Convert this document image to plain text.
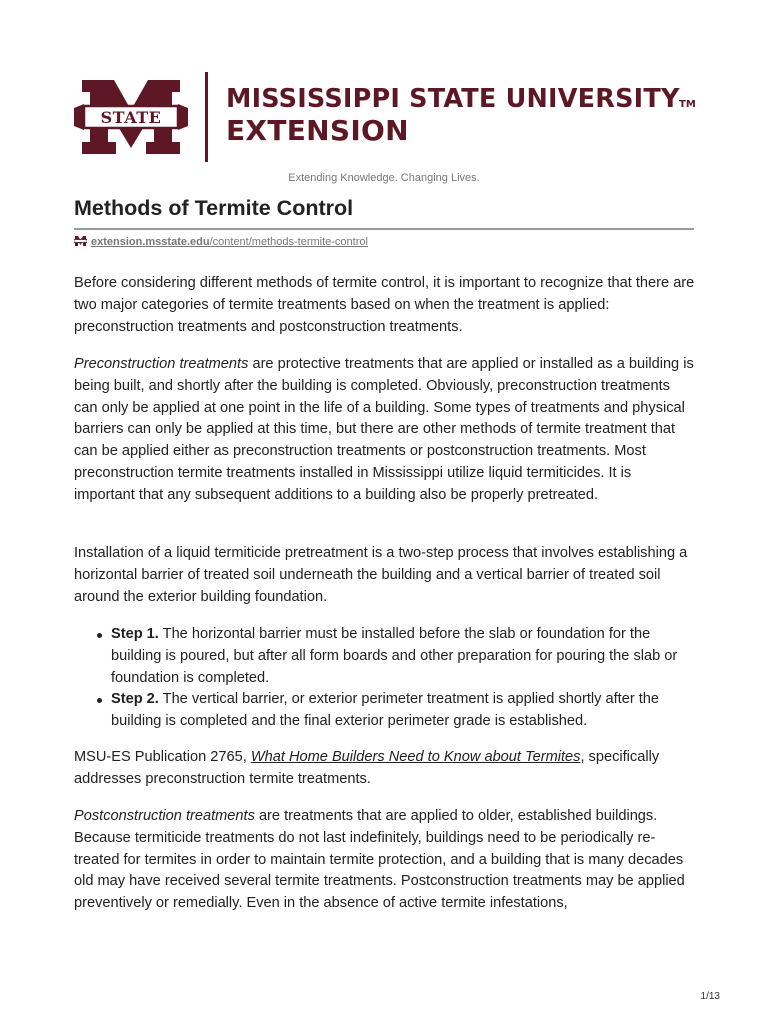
STATE
MISSISSIPPI STATE UNIVERSITY TM
EXTENSION
Extending Knowledge. Changing Lives.
Methods of Termite Control
extension.msstate.edu/content/methods-termite-control

Before considering different methods of termite control, it is important to recognize that there are two major categories of termite treatments based on when the treatment is applied: preconstruction treatments and postconstruction treatments.

Preconstruction treatments are protective treatments that are applied or installed as a building is being built, and shortly after the building is completed. Obviously, preconstruction treatments can only be applied at one point in the life of a building. Some types of treatments and physical barriers can only be applied at this time, but there are other methods of termite treatment that can be applied either as preconstruction treatments or postconstruction treatments. Most preconstruction termite treatments installed in Mississippi utilize liquid termiticides. It is important that any subsequent additions to a building also be properly pretreated.

Installation of a liquid termiticide pretreatment is a two-step process that involves establishing a horizontal barrier of treated soil underneath the building and a vertical barrier of treated soil around the exterior building foundation.

Step 1. The horizontal barrier must be installed before the slab or foundation for the building is poured, but after all form boards and other preparation for pouring the slab or foundation is completed.
Step 2. The vertical barrier, or exterior perimeter treatment is applied shortly after the building is completed and the final exterior perimeter grade is established.

MSU-ES Publication 2765, What Home Builders Need to Know about Termites, specifically addresses preconstruction termite treatments.

Postconstruction treatments are treatments that are applied to older, established buildings. Because termiticide treatments do not last indefinitely, buildings need to be periodically re-treated for termites in order to maintain termite protection, and a building that is many decades old may have received several termite treatments. Postconstruction treatments may be applied preventively or remedially. Even in the absence of active termite infestations,

1/13
